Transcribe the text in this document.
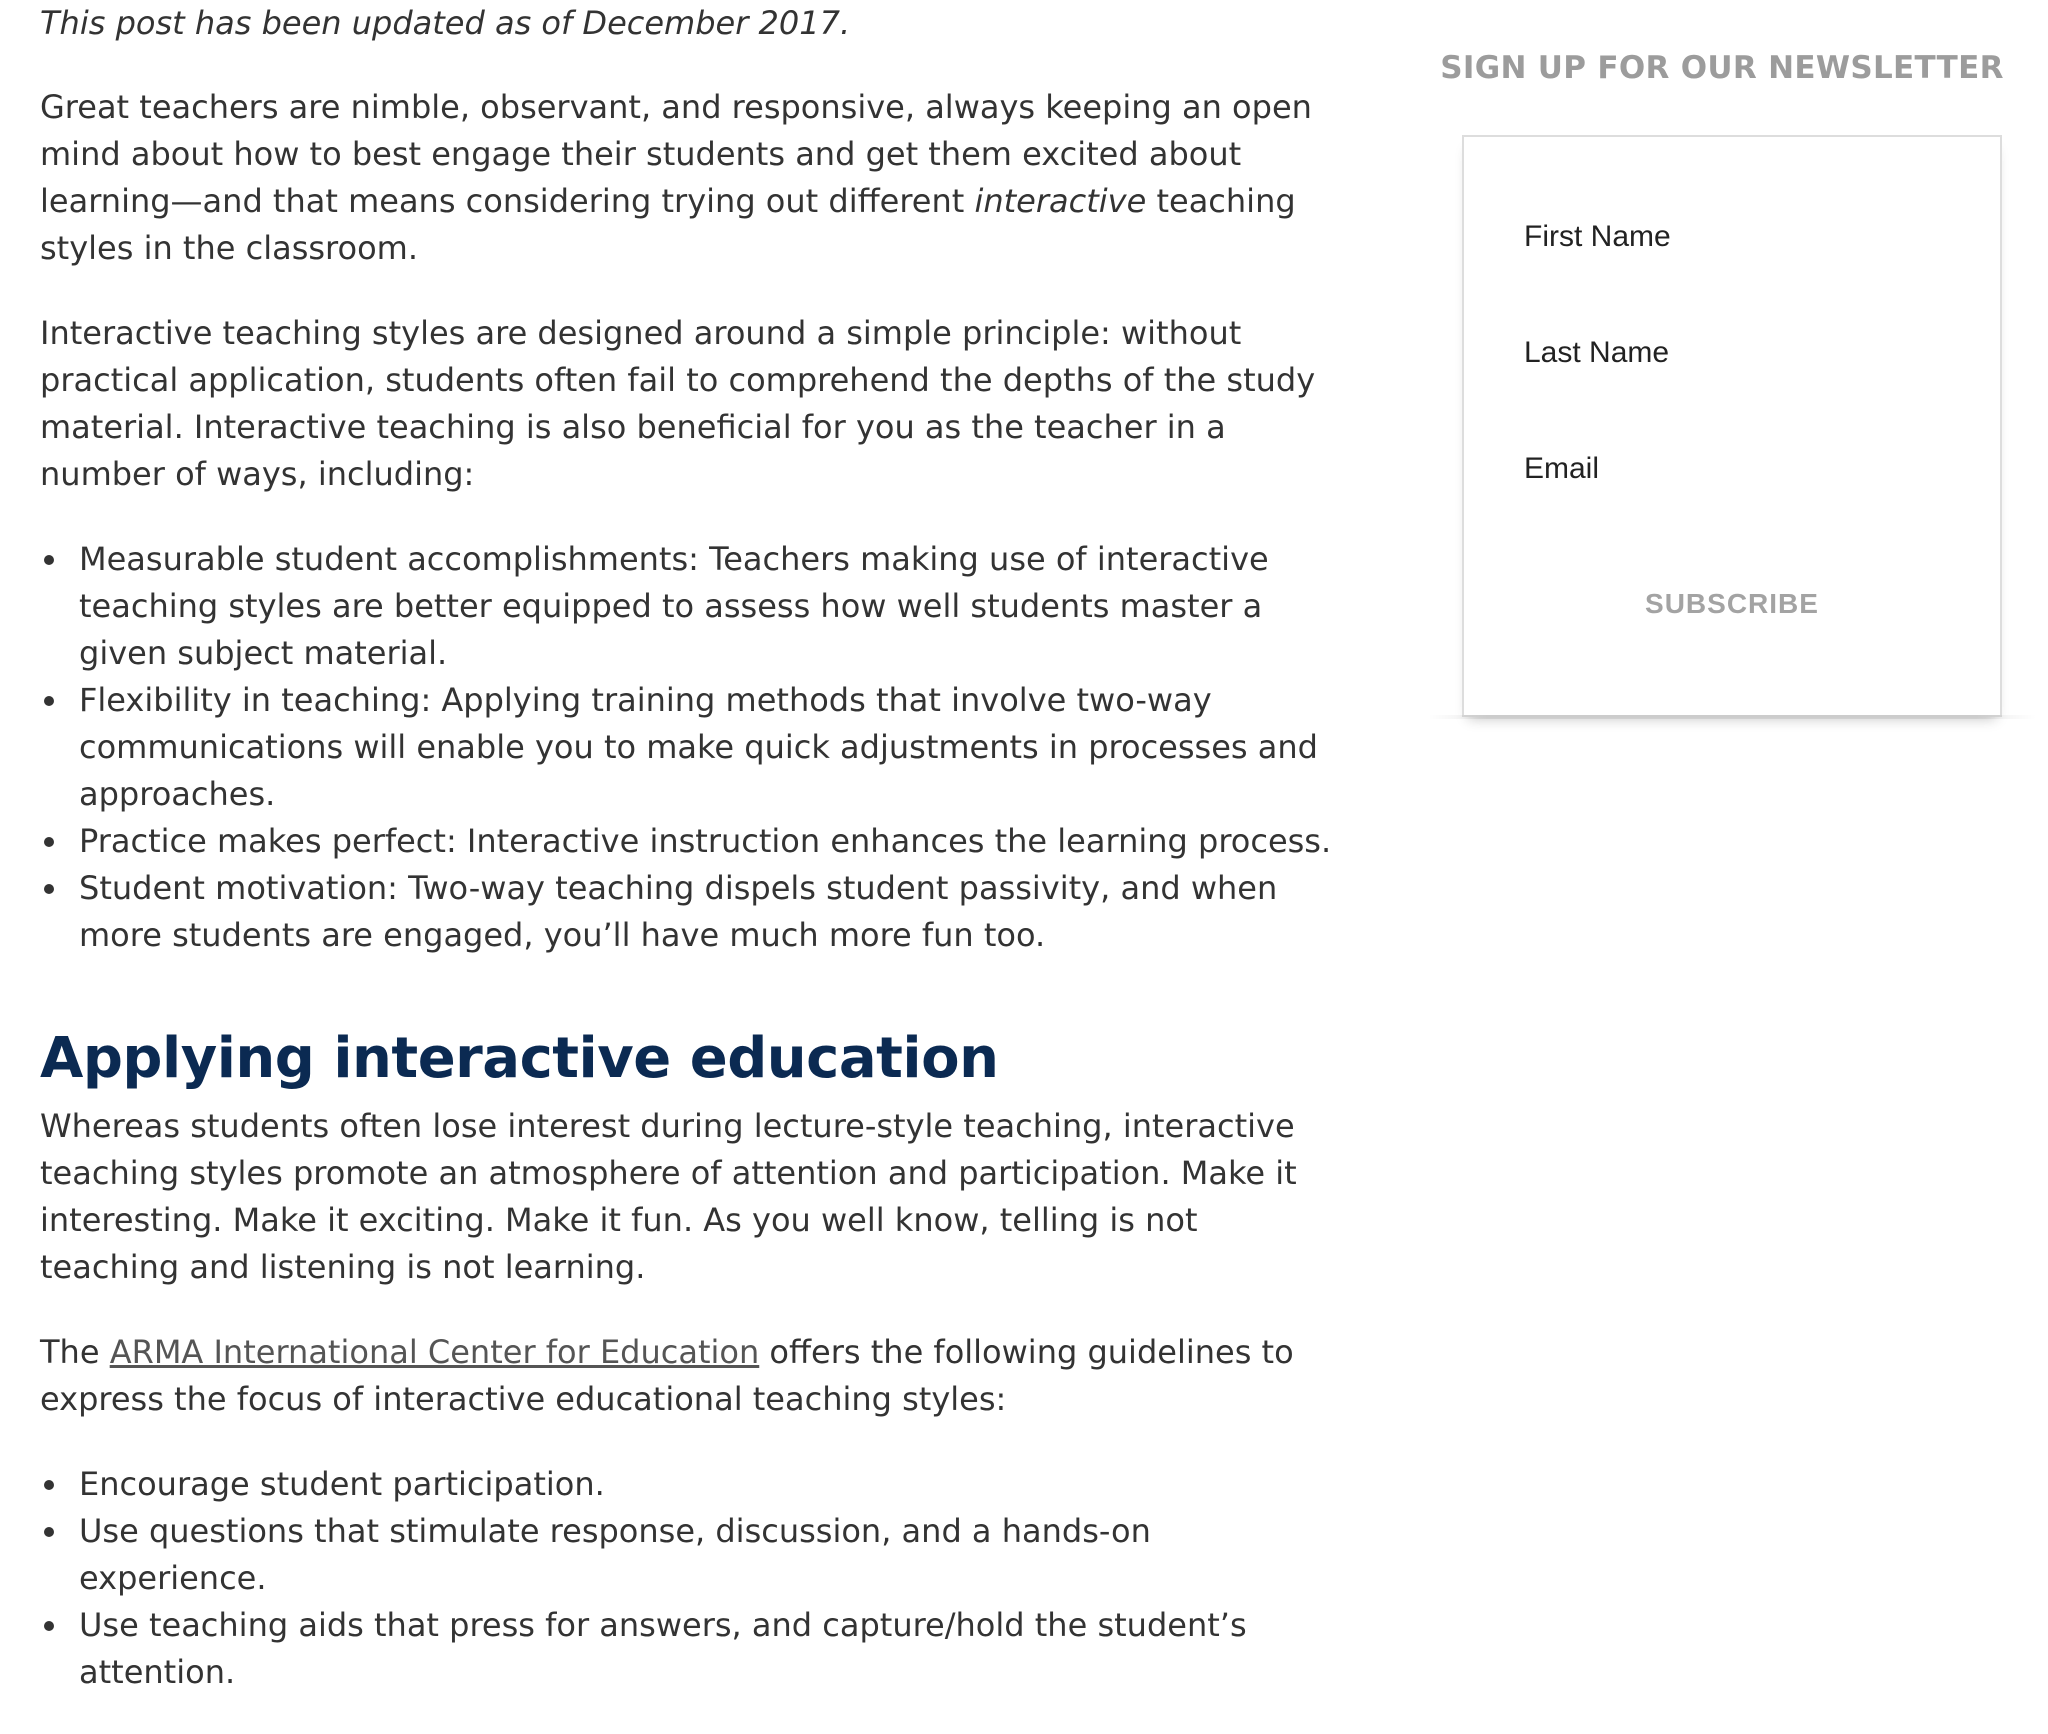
This post has been updated as of December 2017.

Great teachers are nimble, observant, and responsive, always keeping an open mind about how to best engage their students and get them excited about learning—and that means considering trying out different interactive teaching styles in the classroom.

Interactive teaching styles are designed around a simple principle: without practical application, students often fail to comprehend the depths of the study material. Interactive teaching is also beneficial for you as the teacher in a number of ways, including:

Measurable student accomplishments: Teachers making use of interactive teaching styles are better equipped to assess how well students master a given subject material.
Flexibility in teaching: Applying training methods that involve two-way communications will enable you to make quick adjustments in processes and approaches.
Practice makes perfect: Interactive instruction enhances the learning process.
Student motivation: Two-way teaching dispels student passivity, and when more students are engaged, you’ll have much more fun too.
Applying interactive education

Whereas students often lose interest during lecture-style teaching, interactive teaching styles promote an atmosphere of attention and participation. Make it interesting. Make it exciting. Make it fun. As you well know, telling is not teaching and listening is not learning.

The ARMA International Center for Education offers the following guidelines to express the focus of interactive educational teaching styles:

Encourage student participation.
Use questions that stimulate response, discussion, and a hands-on experience.
Use teaching aids that press for answers, and capture/hold the student’s attention.
SIGN UP FOR OUR NEWSLETTER
First Name
Last Name
Email
SUBSCRIBE
